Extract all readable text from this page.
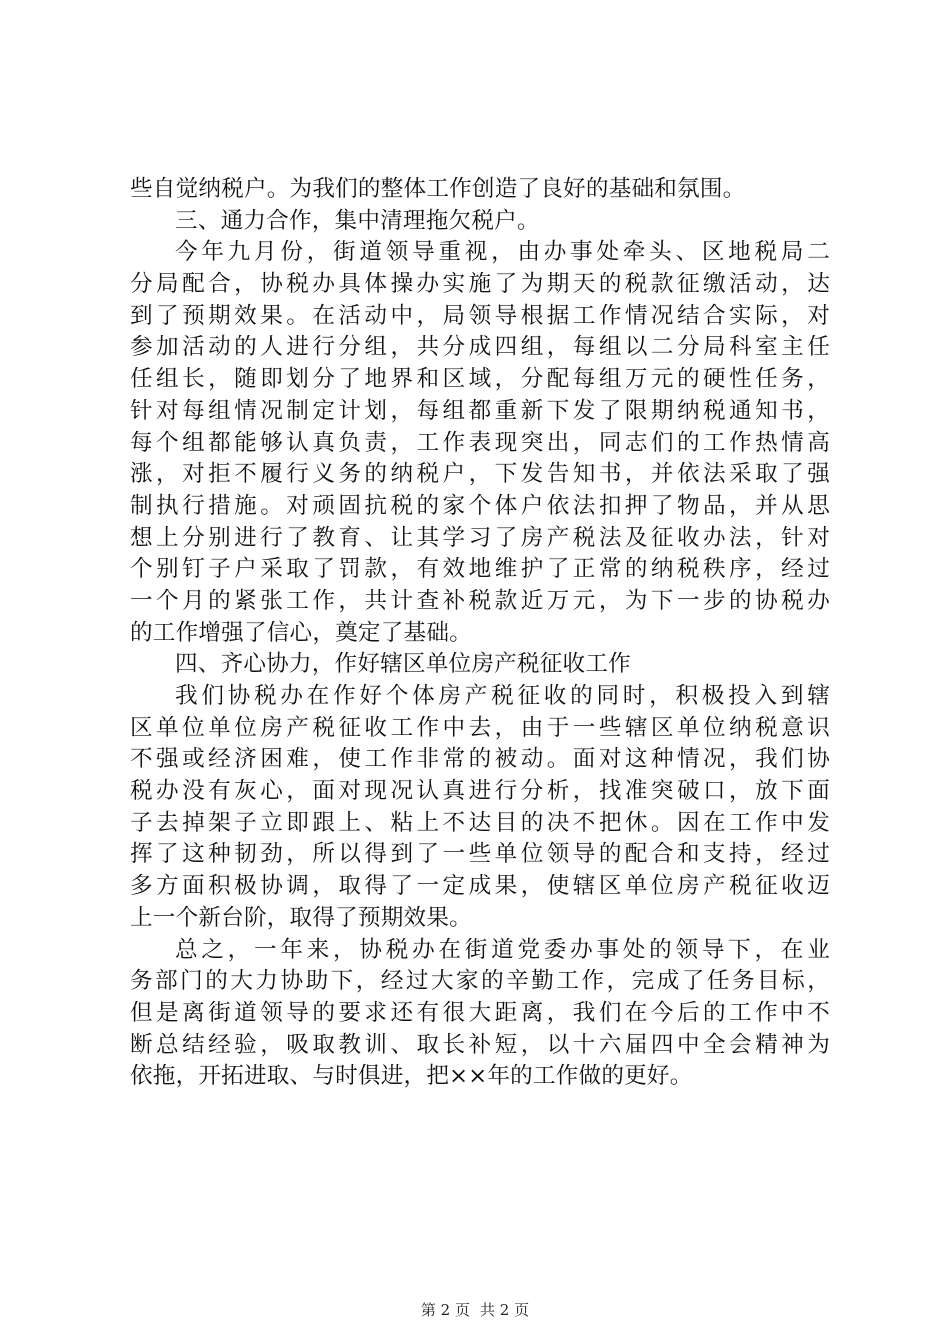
些自觉纳税户。为我们的整体工作创造了良好的基础和氛围。
三、通力合作，集中清理拖欠税户。
今年九月份，街道领导重视，由办事处牵头、区地税局二
分局配合，协税办具体操办实施了为期天的税款征缴活动，达
到了预期效果。在活动中，局领导根据工作情况结合实际，对
参加活动的人进行分组，共分成四组，每组以二分局科室主任
任组长，随即划分了地界和区域，分配每组万元的硬性任务，
针对每组情况制定计划，每组都重新下发了限期纳税通知书，
每个组都能够认真负责，工作表现突出，同志们的工作热情高
涨，对拒不履行义务的纳税户，下发告知书，并依法采取了强
制执行措施。对顽固抗税的家个体户依法扣押了物品，并从思
想上分别进行了教育、让其学习了房产税法及征收办法，针对
个别钉子户采取了罚款，有效地维护了正常的纳税秩序，经过
一个月的紧张工作，共计查补税款近万元，为下一步的协税办
的工作增强了信心，奠定了基础。
四、齐心协力，作好辖区单位房产税征收工作
我们协税办在作好个体房产税征收的同时，积极投入到辖
区单位单位房产税征收工作中去，由于一些辖区单位纳税意识
不强或经济困难，使工作非常的被动。面对这种情况，我们协
税办没有灰心，面对现况认真进行分析，找准突破口，放下面
子去掉架子立即跟上、粘上不达目的决不把休。因在工作中发
挥了这种韧劲，所以得到了一些单位领导的配合和支持，经过
多方面积极协调，取得了一定成果，使辖区单位房产税征收迈
上一个新台阶，取得了预期效果。
总之，一年来，协税办在街道党委办事处的领导下，在业
务部门的大力协助下，经过大家的辛勤工作，完成了任务目标，
但是离街道领导的要求还有很大距离，我们在今后的工作中不
断总结经验，吸取教训、取长补短，以十六届四中全会精神为
依拖，开拓进取、与时俱进，把××年的工作做的更好。
第 2 页 共 2 页
